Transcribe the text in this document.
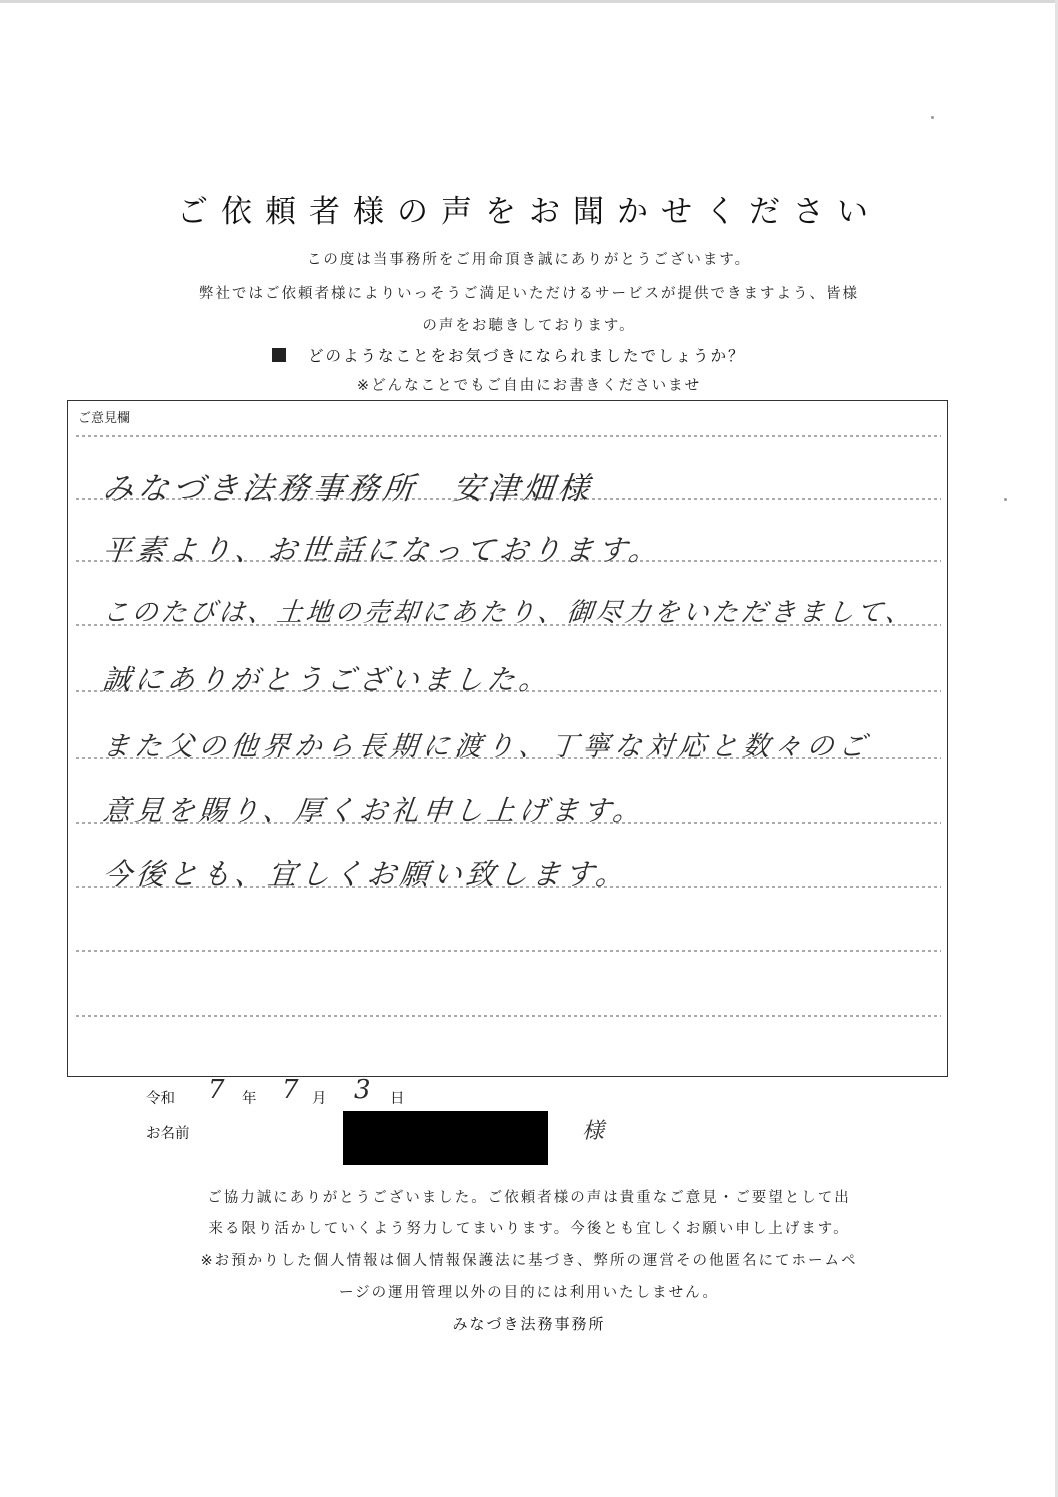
ご依頼者様の声をお聞かせください
この度は当事務所をご用命頂き誠にありがとうございます。
弊社ではご依頼者様によりいっそうご満足いただけるサービスが提供できますよう、皆様
の声をお聴きしております。
どのようなことをお気づきになられましたでしょうか？
※どんなことでもご自由にお書きくださいませ
ご意見欄
みなづき法務事務所　安津畑様
平素より、お世話になっております。
このたびは、土地の売却にあたり、御尽力をいただきまして、
誠にありがとうございました。
また父の他界から長期に渡り、丁寧な対応と数々のご
意見を賜り、厚くお礼申し上げます。
今後とも、宜しくお願い致します。
令和 7 年 7 月 3 日
お名前	様
ご協力誠にありがとうございました。ご依頼者様の声は貴重なご意見・ご要望として出
来る限り活かしていくよう努力してまいります。今後とも宜しくお願い申し上げます。
※お預かりした個人情報は個人情報保護法に基づき、弊所の運営その他匿名にてホームペ
ージの運用管理以外の目的には利用いたしません。
みなづき法務事務所
